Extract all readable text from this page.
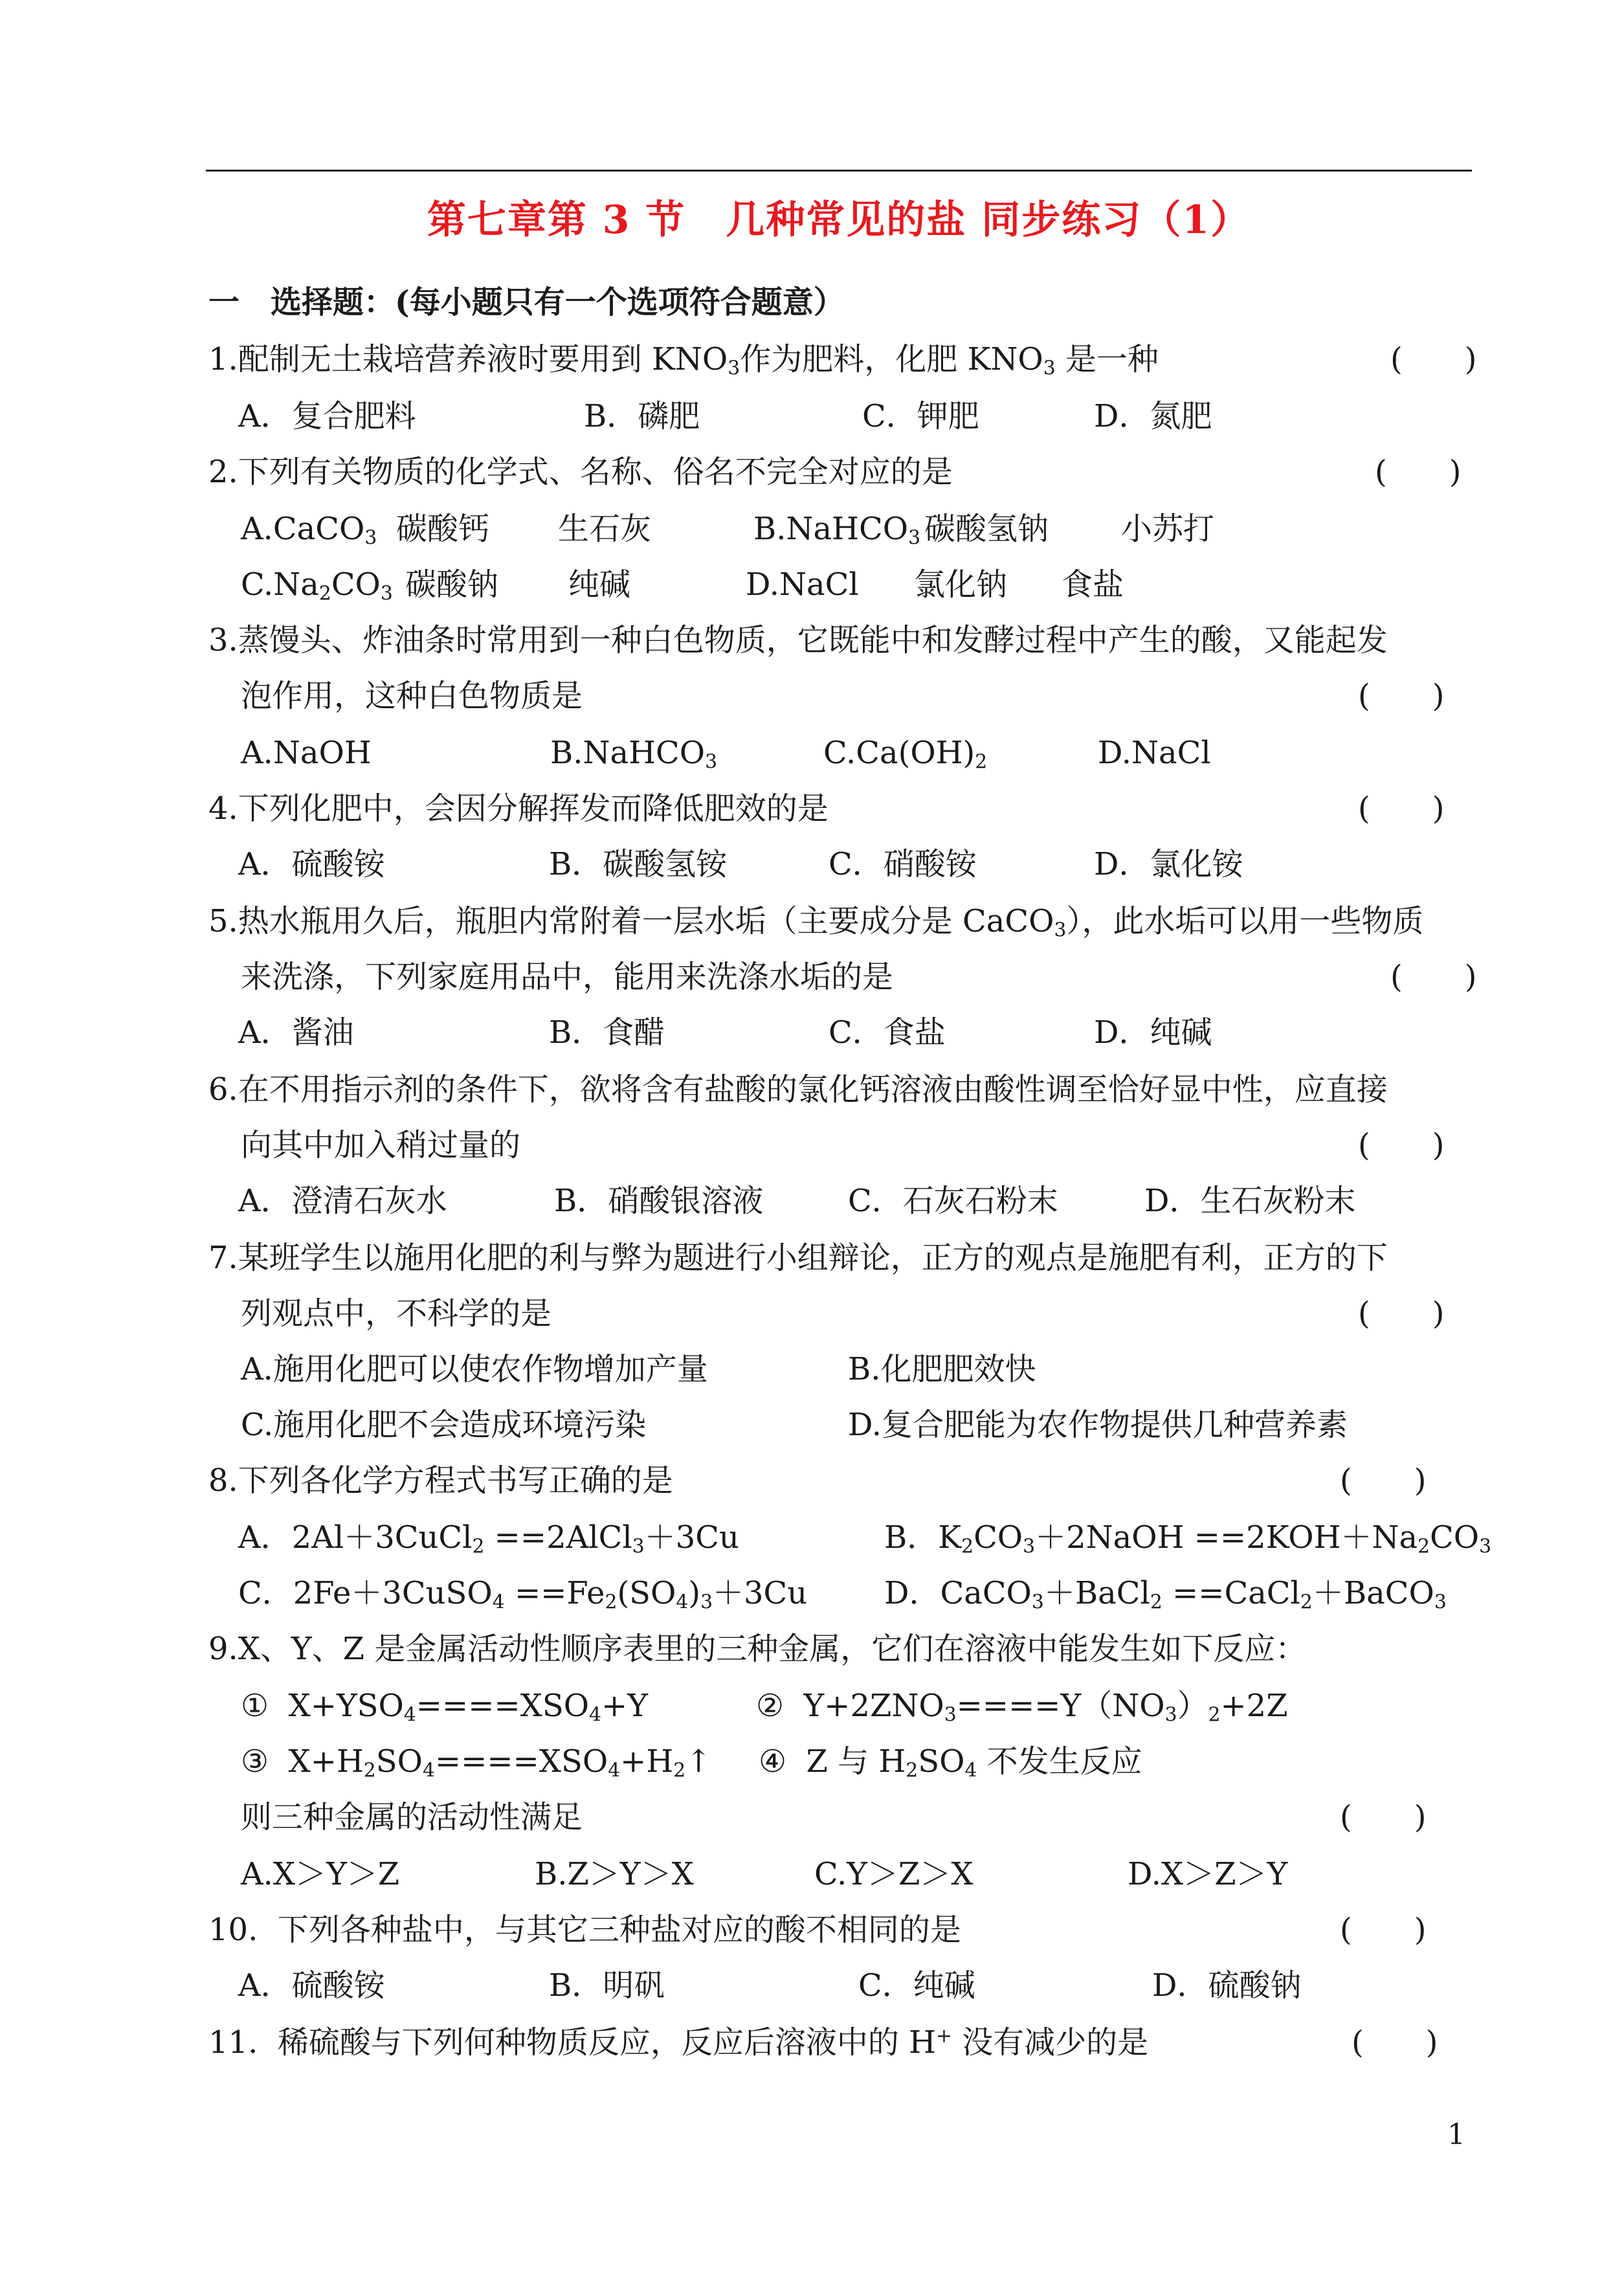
第七章第 3 节　几种常见的盐 同步练习（1）
一　选择题：(每小题只有一个选项符合题意）
1.配制无土栽培营养液时要用到 $KNO_3$作为肥料，化肥 $KNO_3$ 是一种	(　　)
A．复合肥料	B．磷肥	C．钾肥	D．氮肥
2.下列有关物质的化学式、名称、俗名不完全对应的是	(　　)
A.CaCO$_3$ 碳酸钙 生石灰	B.NaHCO$_3$ 碳酸氢钠 小苏打
$C.Na_2CO_3$ 碳酸钠 纯碱	D.NaCl 氯化钠 食盐
3.蒸馒头、炸油条时常用到一种白色物质，它既能中和发酵过程中产生的酸，又能起发
泡作用，这种白色物质是	(　　)
A.NaOH	B.NaHCO$_3$	$C.Ca(OH)_2$	D.NaCl
4.下列化肥中，会因分解挥发而降低肥效的是	(　　)
A．硫酸铵	B．碳酸氢铵	C．硝酸铵	D．氯化铵
5.热水瓶用久后，瓶胆内常附着一层水垢（主要成分是 CaCO$_3$），此水垢可以用一些物质
来洗涤，下列家庭用品中，能用来洗涤水垢的是	(　　)
A．酱油	B．食醋	C．食盐	D．纯碱
6.在不用指示剂的条件下，欲将含有盐酸的氯化钙溶液由酸性调至恰好显中性，应直接
向其中加入稍过量的	(　　)
A．澄清石灰水	B．硝酸银溶液	C．石灰石粉末	D．生石灰粉末
7.某班学生以施用化肥的利与弊为题进行小组辩论，正方的观点是施肥有利，正方的下
列观点中，不科学的是	(　　)
A.施用化肥可以使农作物增加产量	B.化肥肥效快
C.施用化肥不会造成环境污染	D.复合肥能为农作物提供几种营养素
8.下列各化学方程式书写正确的是	(　　)
A．2Al＋3CuCl$_2$ ==2AlCl$_3$＋3Cu	B．$K_2CO_3+2NaOH ==2KOH+Na_2CO_3$
C．2Fe＋3CuSO$_4$ $==Fe_2(SO_4)_3+3Cu$ D．CaCO$_3$＋BaCl$_2$ ==CaCl$_2$＋BaCO$_3$
9.X、Y、Z 是金属活动性顺序表里的三种金属，它们在溶液中能发生如下反应：
①  $X+YSO_4====XSO_4+Y$	②  $Y+2ZNO_3====Y(NO_3)_2+2Z$
③  $X+H_2SO_4====XSO_4+H_2↑$ ④  Z 与 $H_2SO_4$ 不发生反应
则三种金属的活动性满足	(　　)
A.X＞Y＞Z	B.Z＞Y＞X	C.Y＞Z＞X	D.X＞Z＞Y
10.  下列各种盐中，与其它三种盐对应的酸不相同的是	(　　)
A．硫酸铵	B．明矾	C．纯碱	D．硫酸钠
11.  稀硫酸与下列何种物质反应，反应后溶液中的 H+ 没有减少的是	(　　)
1
